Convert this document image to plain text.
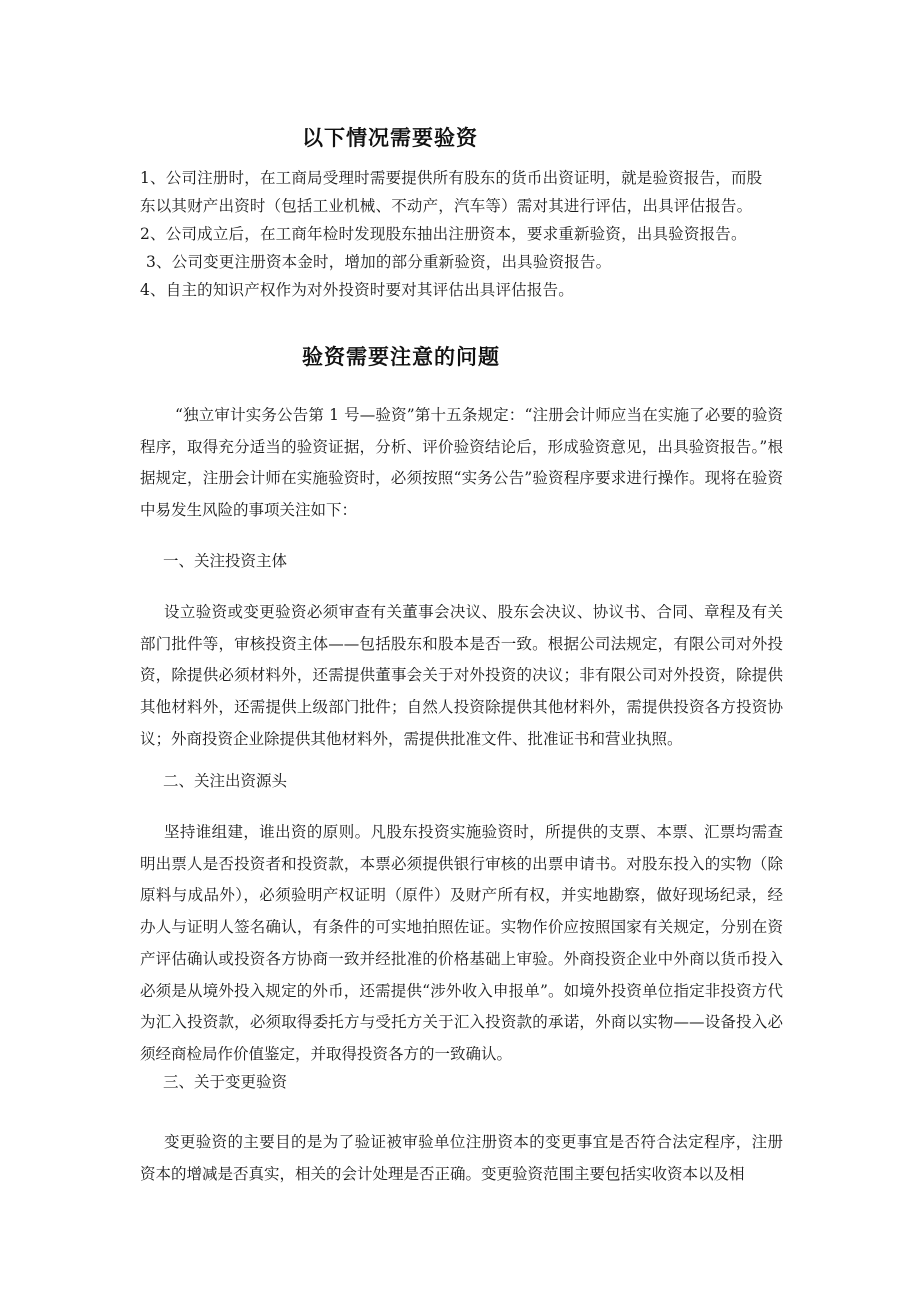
以下情况需要验资
1、公司注册时，在工商局受理时需要提供所有股东的货币出资证明，就是验资报告，而股
东以其财产出资时（包括工业机械、不动产，汽车等）需对其进行评估，出具评估报告。
2、公司成立后，在工商年检时发现股东抽出注册资本，要求重新验资，出具验资报告。
3、公司变更注册资本金时，增加的部分重新验资，出具验资报告。
4、自主的知识产权作为对外投资时要对其评估出具评估报告。
验资需要注意的问题

“独立审计实务公告第 1 号—验资”第十五条规定：“注册会计师应当在实施了必要的验资程序，取得充分适当的验资证据，分析、评价验资结论后，形成验资意见，出具验资报告。”根据规定，注册会计师在实施验资时，必须按照“实务公告”验资程序要求进行操作。现将在验资中易发生风险的事项关注如下：

一、关注投资主体

设立验资或变更验资必须审查有关董事会决议、股东会决议、协议书、合同、章程及有关部门批件等，审核投资主体——包括股东和股本是否一致。根据公司法规定，有限公司对外投资，除提供必须材料外，还需提供董事会关于对外投资的决议；非有限公司对外投资，除提供其他材料外，还需提供上级部门批件；自然人投资除提供其他材料外，需提供投资各方投资协议；外商投资企业除提供其他材料外，需提供批准文件、批准证书和营业执照。

二、关注出资源头

坚持谁组建，谁出资的原则。凡股东投资实施验资时，所提供的支票、本票、汇票均需查明出票人是否投资者和投资款，本票必须提供银行审核的出票申请书。对股东投入的实物（除原料与成品外），必须验明产权证明（原件）及财产所有权，并实地勘察，做好现场纪录，经办人与证明人签名确认，有条件的可实地拍照佐证。实物作价应按照国家有关规定，分别在资产评估确认或投资各方协商一致并经批准的价格基础上审验。外商投资企业中外商以货币投入必须是从境外投入规定的外币，还需提供“涉外收入申报单”。如境外投资单位指定非投资方代为汇入投资款，必须取得委托方与受托方关于汇入投资款的承诺，外商以实物——设备投入必须经商检局作价值鉴定，并取得投资各方的一致确认。

三、关于变更验资

变更验资的主要目的是为了验证被审验单位注册资本的变更事宜是否符合法定程序，注册资本的增减是否真实，相关的会计处理是否正确。变更验资范围主要包括实收资本以及相
